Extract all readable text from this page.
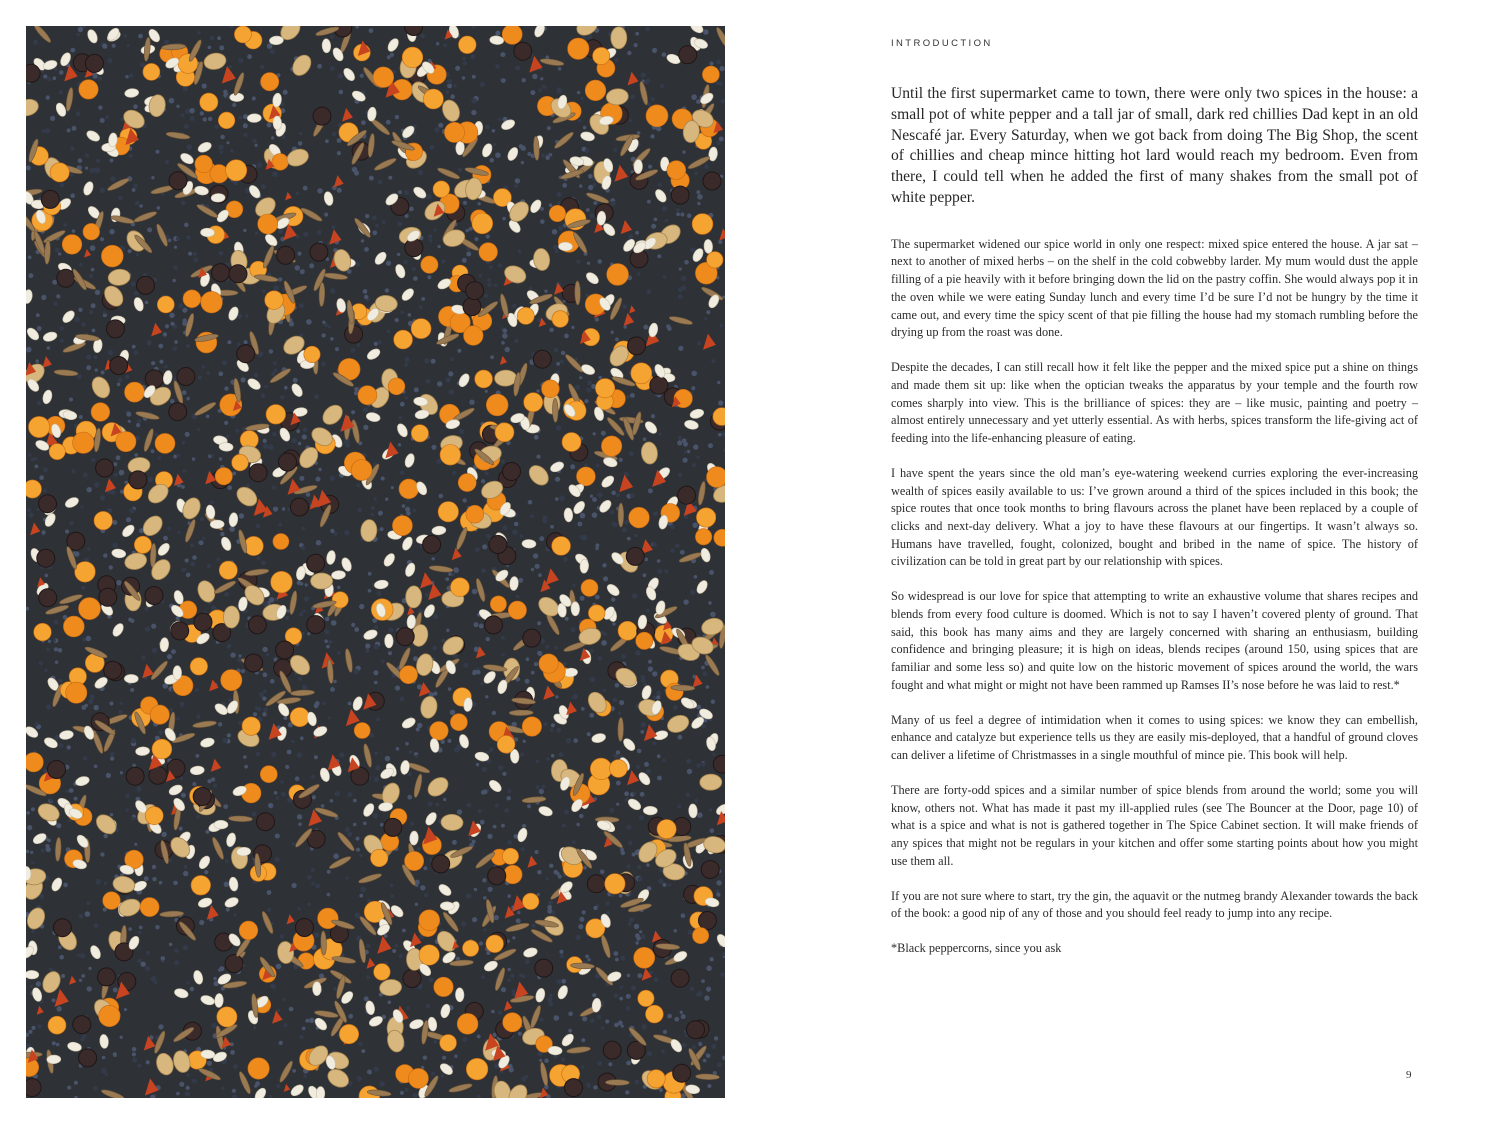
INTRODUCTION

Until the first supermarket came to town, there were only two spices in the house: a small pot of white pepper and a tall jar of small, dark red chillies Dad kept in an old Nescafé jar. Every Saturday, when we got back from doing The Big Shop, the scent of chillies and cheap mince hitting hot lard would reach my bedroom. Even from there, I could tell when he added the first of many shakes from the small pot of white pepper.

The supermarket widened our spice world in only one respect: mixed spice entered the house. A jar sat – next to another of mixed herbs – on the shelf in the cold cobwebby larder. My mum would dust the apple filling of a pie heavily with it before bringing down the lid on the pastry coffin. She would always pop it in the oven while we were eating Sunday lunch and every time I’d be sure I’d not be hungry by the time it came out, and every time the spicy scent of that pie filling the house had my stomach rumbling before the drying up from the roast was done.

Despite the decades, I can still recall how it felt like the pepper and the mixed spice put a shine on things and made them sit up: like when the optician tweaks the apparatus by your temple and the fourth row comes sharply into view. This is the brilliance of spices: they are – like music, painting and poetry – almost entirely unnecessary and yet utterly essential. As with herbs, spices transform the life-giving act of feeding into the life-enhancing pleasure of eating.

I have spent the years since the old man’s eye-watering weekend curries exploring the ever-increasing wealth of spices easily available to us: I’ve grown around a third of the spices included in this book; the spice routes that once took months to bring flavours across the planet have been replaced by a couple of clicks and next-day delivery. What a joy to have these flavours at our fingertips. It wasn’t always so. Humans have travelled, fought, colonized, bought and bribed in the name of spice. The history of civilization can be told in great part by our relationship with spices.

So widespread is our love for spice that attempting to write an exhaustive volume that shares recipes and blends from every food culture is doomed. Which is not to say I haven’t covered plenty of ground. That said, this book has many aims and they are largely concerned with sharing an enthusiasm, building confidence and bringing pleasure; it is high on ideas, blends recipes (around 150, using spices that are familiar and some less so) and quite low on the historic movement of spices around the world, the wars fought and what might or might not have been rammed up Ramses II’s nose before he was laid to rest.*

Many of us feel a degree of intimidation when it comes to using spices: we know they can embellish, enhance and catalyze but experience tells us they are easily mis-deployed, that a handful of ground cloves can deliver a lifetime of Christmasses in a single mouthful of mince pie. This book will help.

There are forty-odd spices and a similar number of spice blends from around the world; some you will know, others not. What has made it past my ill-applied rules (see The Bouncer at the Door, page 10) of what is a spice and what is not is gathered together in The Spice Cabinet section. It will make friends of any spices that might not be regulars in your kitchen and offer some starting points about how you might use them all.

If you are not sure where to start, try the gin, the aquavit or the nutmeg brandy Alexander towards the back of the book: a good nip of any of those and you should feel ready to jump into any recipe.

*Black peppercorns, since you ask

9
